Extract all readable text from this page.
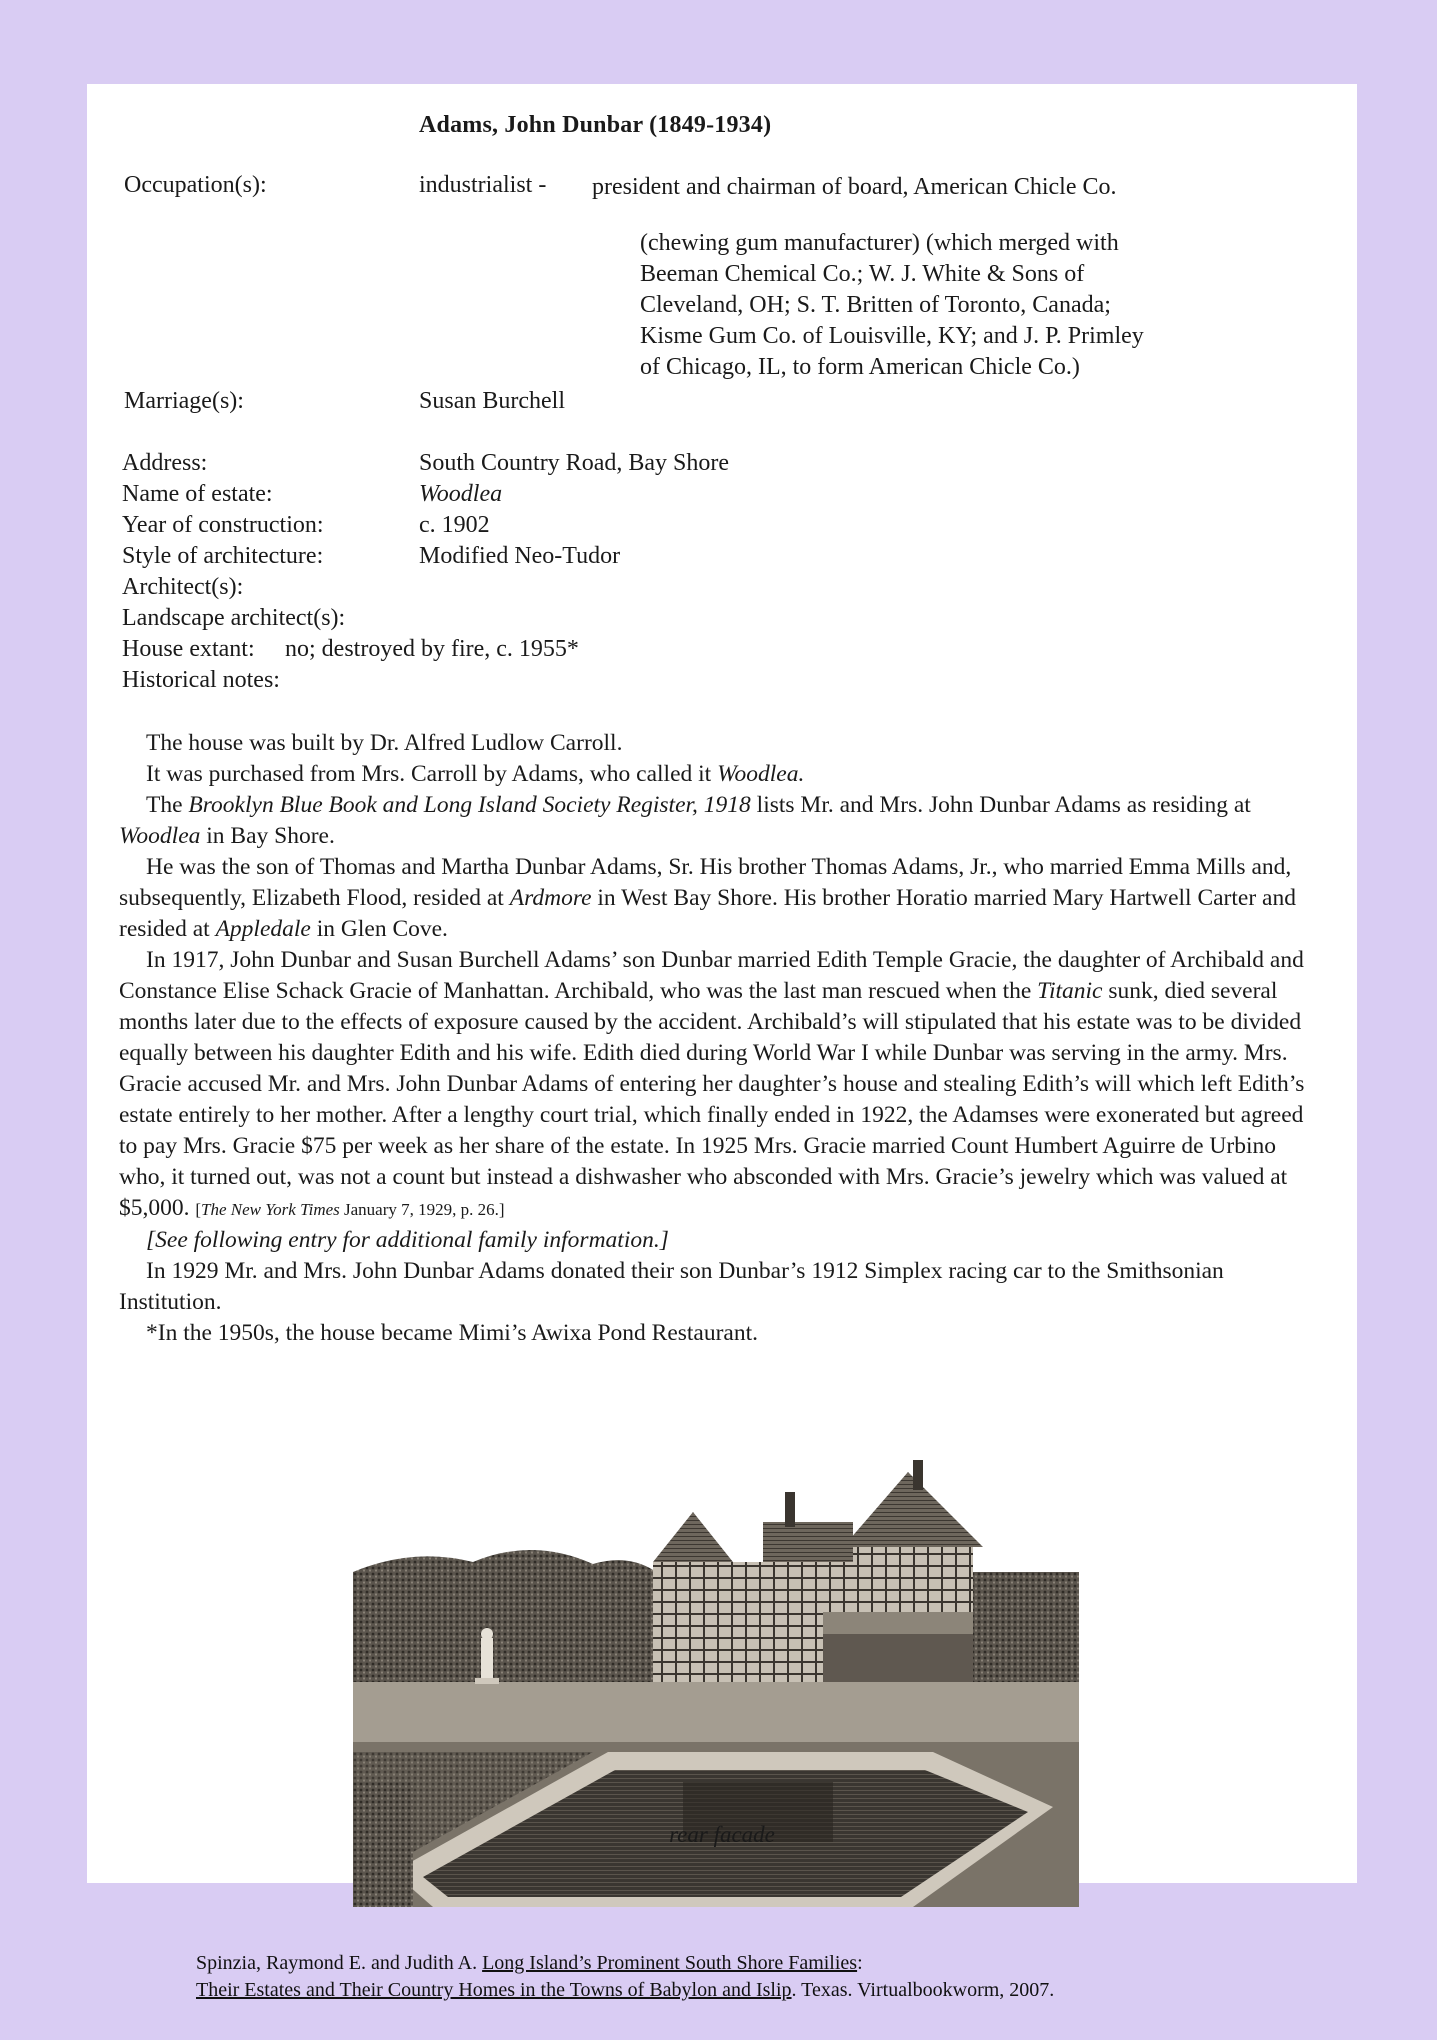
Adams, John Dunbar (1849-1934)
Occupation(s):	industrialist - president and chairman of board, American Chicle Co.
(chewing gum manufacturer) (which merged with
Beeman Chemical Co.; W. J. White & Sons of
Cleveland, OH; S. T. Britten of Toronto, Canada;
Kisme Gum Co. of Louisville, KY; and J. P. Primley
of Chicago, IL, to form American Chicle Co.)
Marriage(s):	Susan Burchell
Address:	South Country Road, Bay Shore
Name of estate:	Woodlea
Year of construction:	c. 1902
Style of architecture:	Modified Neo-Tudor
Architect(s):
Landscape architect(s):
House extant: no; destroyed by fire, c. 1955*
Historical notes:

The house was built by Dr. Alfred Ludlow Carroll.

It was purchased from Mrs. Carroll by Adams, who called it Woodlea.

The Brooklyn Blue Book and Long Island Society Register, 1918 lists Mr. and Mrs. John Dunbar Adams as residing at Woodlea in Bay Shore.

He was the son of Thomas and Martha Dunbar Adams, Sr. His brother Thomas Adams, Jr., who married Emma Mills and, subsequently, Elizabeth Flood, resided at Ardmore in West Bay Shore. His brother Horatio married Mary Hartwell Carter and resided at Appledale in Glen Cove.

In 1917, John Dunbar and Susan Burchell Adams’ son Dunbar married Edith Temple Gracie, the daughter of Archibald and Constance Elise Schack Gracie of Manhattan. Archibald, who was the last man rescued when the Titanic sunk, died several months later due to the effects of exposure caused by the accident. Archibald’s will stipulated that his estate was to be divided equally between his daughter Edith and his wife. Edith died during World War I while Dunbar was serving in the army. Mrs. Gracie accused Mr. and Mrs. John Dunbar Adams of entering her daughter’s house and stealing Edith’s will which left Edith’s estate entirely to her mother. After a lengthy court trial, which finally ended in 1922, the Adamses were exonerated but agreed to pay Mrs. Gracie $75 per week as her share of the estate. In 1925 Mrs. Gracie married Count Humbert Aguirre de Urbino who, it turned out, was not a count but instead a dishwasher who absconded with Mrs. Gracie’s jewelry which was valued at $5,000. [The New York Times January 7, 1929, p. 26.]

[See following entry for additional family information.]

In 1929 Mr. and Mrs. John Dunbar Adams donated their son Dunbar’s 1912 Simplex racing car to the Smithsonian Institution.

*In the 1950s, the house became Mimi’s Awixa Pond Restaurant.

rear facade
Spinzia, Raymond E. and Judith A. Long Island’s Prominent South Shore Families:
Their Estates and Their Country Homes in the Towns of Babylon and Islip. Texas. Virtualbookworm, 2007.
